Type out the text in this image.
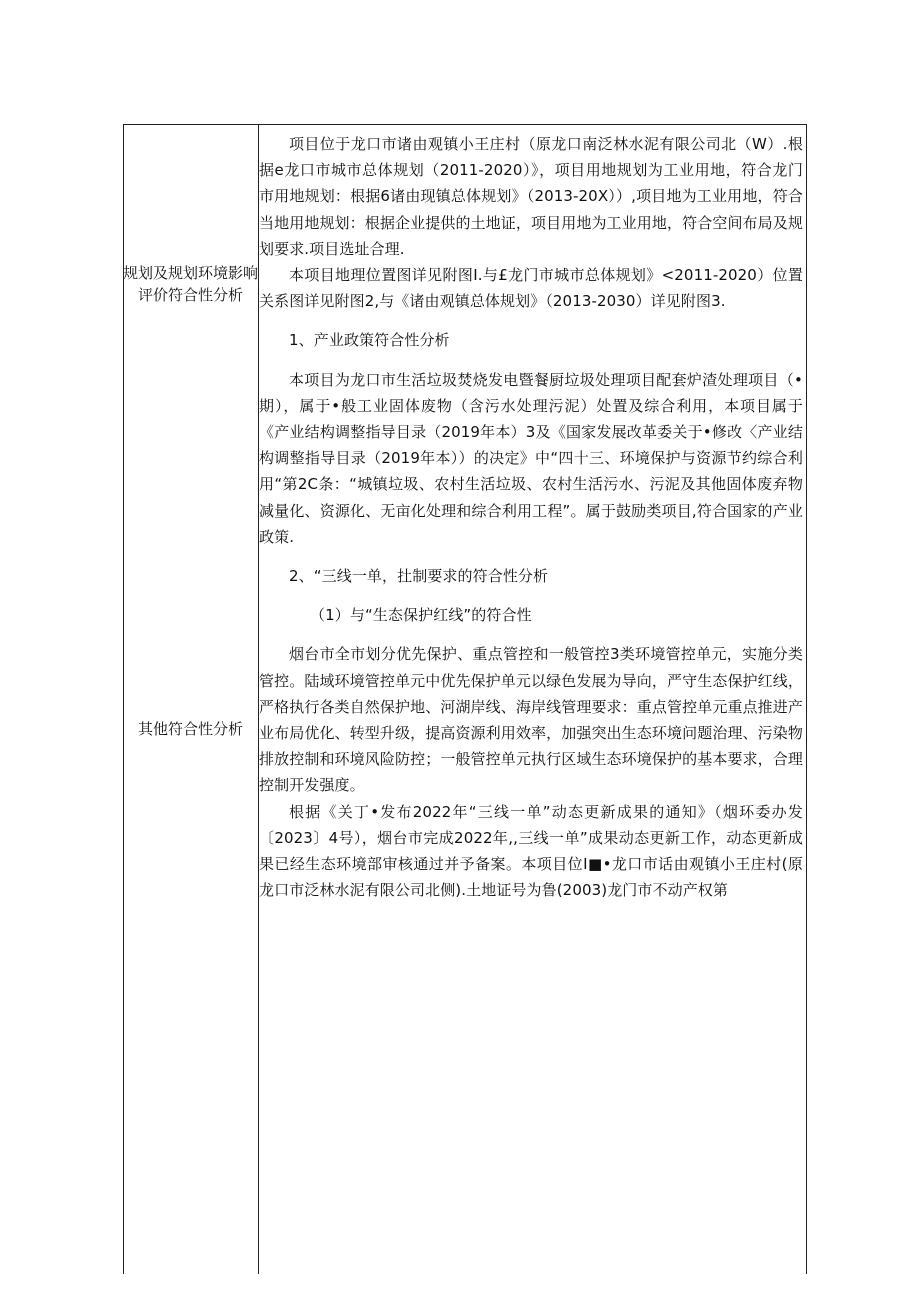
规划及规划环境影响评价符合性分析
其他符合性分析

项目位于龙口市诸由观镇小王庄村（原龙口南泛林水泥有限公司北（W）.根据e龙口市城市总体规划（2011-2020）》，项目用地规划为工业用地，符合龙门市用地规划：根据6诸由现镇总体规划》（2013-20X））,项目地为工业用地，符合当地用地规划：根据企业提供的土地证，项目用地为工业用地，符合空间布局及规划要求.项目选址合理.

本项目地理位置图详见附图I.与£龙门市城市总体规划》<2011-2020）位置关系图详见附图2,与《诸由观镇总体规划》（2013-2030）详见附图3.

1、产业政策符合性分析

本项目为龙口市生活垃圾焚烧发电暨餐厨垃圾处理项目配套炉渣处理项目（•期），属于•般工业固体废物（含污水处理污泥）处置及综合利用，本项目属于《产业结构调整指导目录（2019年本）3及《国家发展改革委关于•修改〈产业结构调整指导目录（2019年本））的决定》中“四十三、环境保护与资源节约综合利用“第2C条：“城镇垃圾、农村生活垃圾、农村生活污水、污泥及其他固体废弃物减量化、资源化、无亩化处理和综合利用工程”。属于鼓励类项目,符合国家的产业政策.

2、“三线一单，扗制要求的符合性分析

（1）与“生态保护红线”的符合性

烟台市全市划分优先保护、重点管控和一般管控3类环境管控单元，实施分类管控。陆域环境管控单元中优先保护单元以绿色发展为导向，严守生态保护红线，严格执行各类自然保护地、河湖岸线、海岸线管理要求：重点管控单元重点推进产业布局优化、转型升级，提高资源利用效率，加强突出生态环境问题治理、污染物排放控制和环境风险防控；一般管控单元执行区域生态环境保护的基本要求，合理控制开发强度。

根据《关丁•发布2022年“三线一单”动态更新成果的通知》（烟环委办发〔2023〕4号），烟台市完成2022年,,三线一单”成果动态更新工作，动态更新成果已经生态环境部审核通过并予备案。本项目位I■•龙口市话由观镇小王庄村(原龙口市泛林水泥有限公司北侧).土地证号为鲁(2003)龙门市不动产权第
